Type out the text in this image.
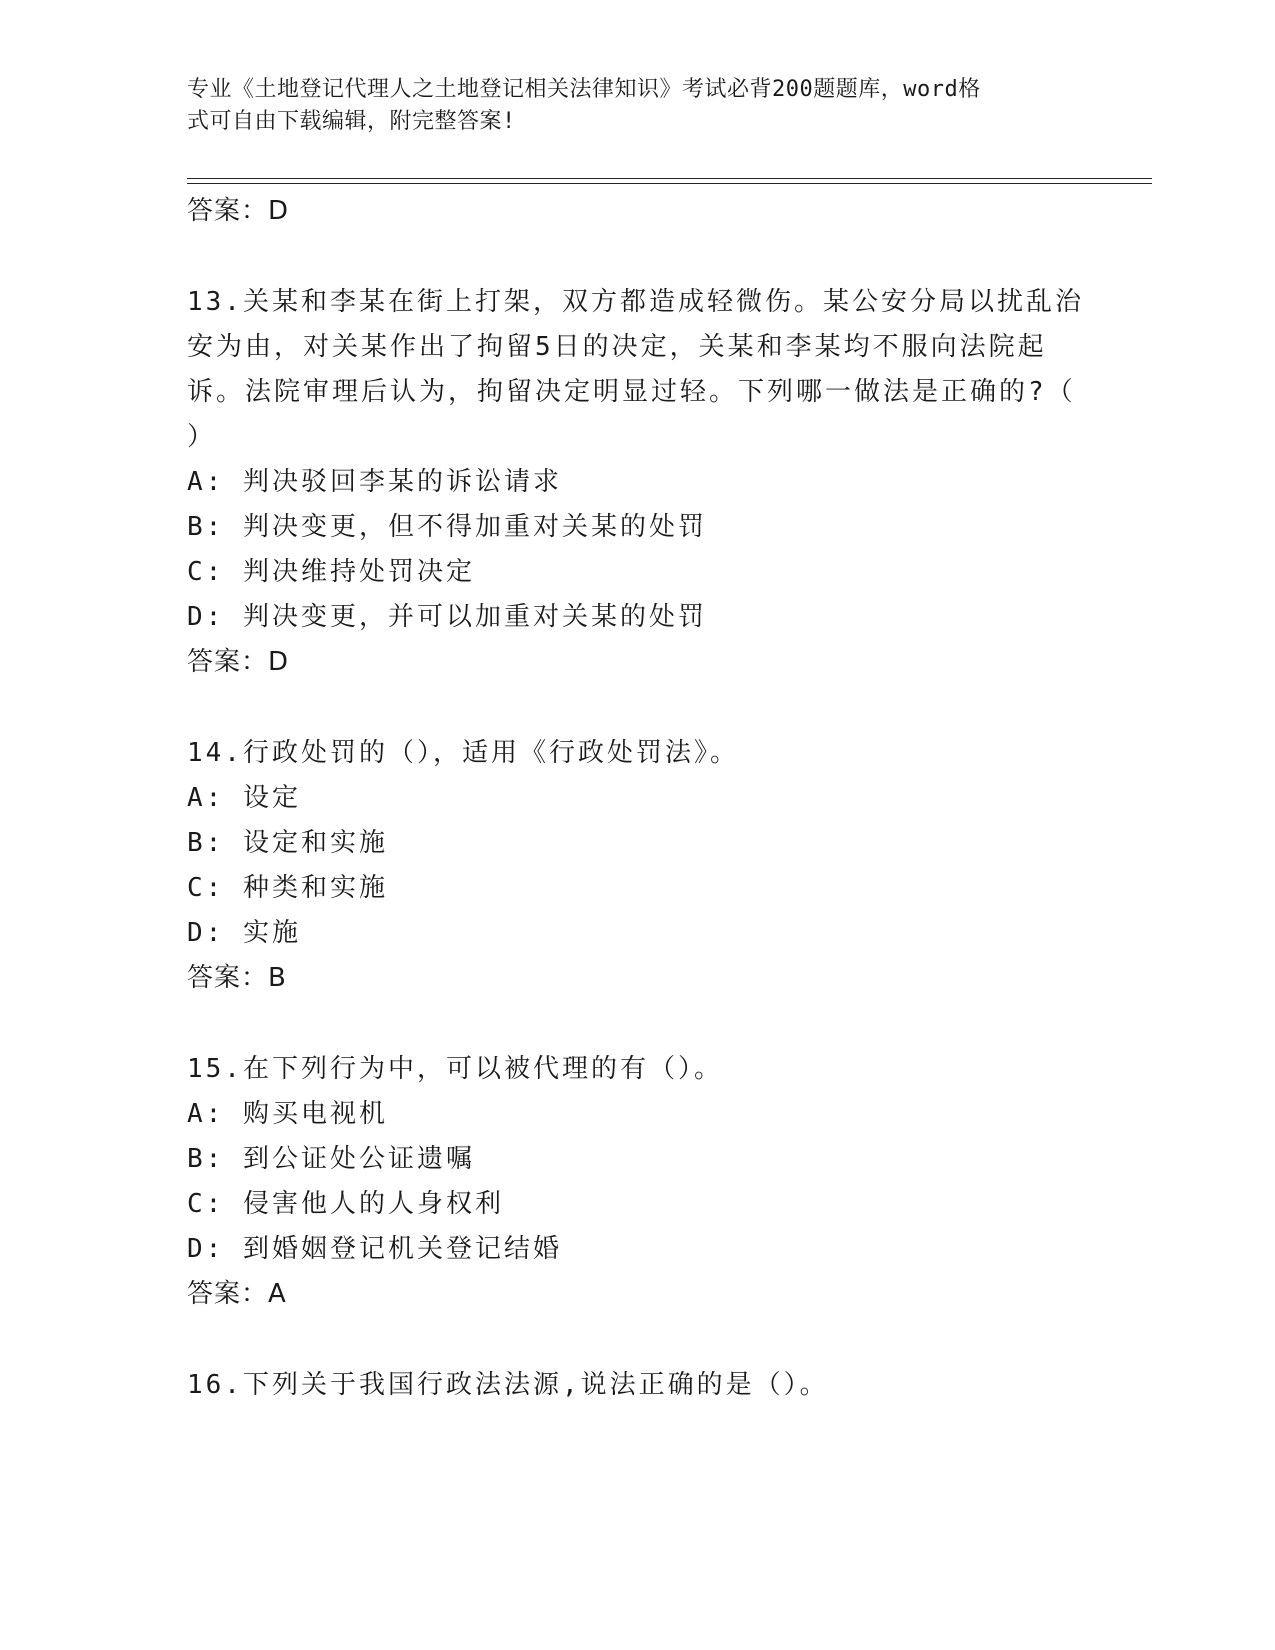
专业《土地登记代理人之土地登记相关法律知识》考试必背200题题库，word格
式可自由下载编辑，附完整答案!
答案：D
13.关某和李某在街上打架，双方都造成轻微伤。某公安分局以扰乱治
安为由，对关某作出了拘留5日的决定，关某和李某均不服向法院起
诉。法院审理后认为，拘留决定明显过轻。下列哪一做法是正确的?（
）
A: 判决驳回李某的诉讼请求
B: 判决变更，但不得加重对关某的处罚
C: 判决维持处罚决定
D: 判决变更，并可以加重对关某的处罚
答案：D
14.行政处罚的（），适用《行政处罚法》。
A: 设定
B: 设定和实施
C: 种类和实施
D: 实施
答案：B
15.在下列行为中，可以被代理的有（）。
A: 购买电视机
B: 到公证处公证遗嘱
C: 侵害他人的人身权利
D: 到婚姻登记机关登记结婚
答案：A
16.下列关于我国行政法法源,说法正确的是（）。
